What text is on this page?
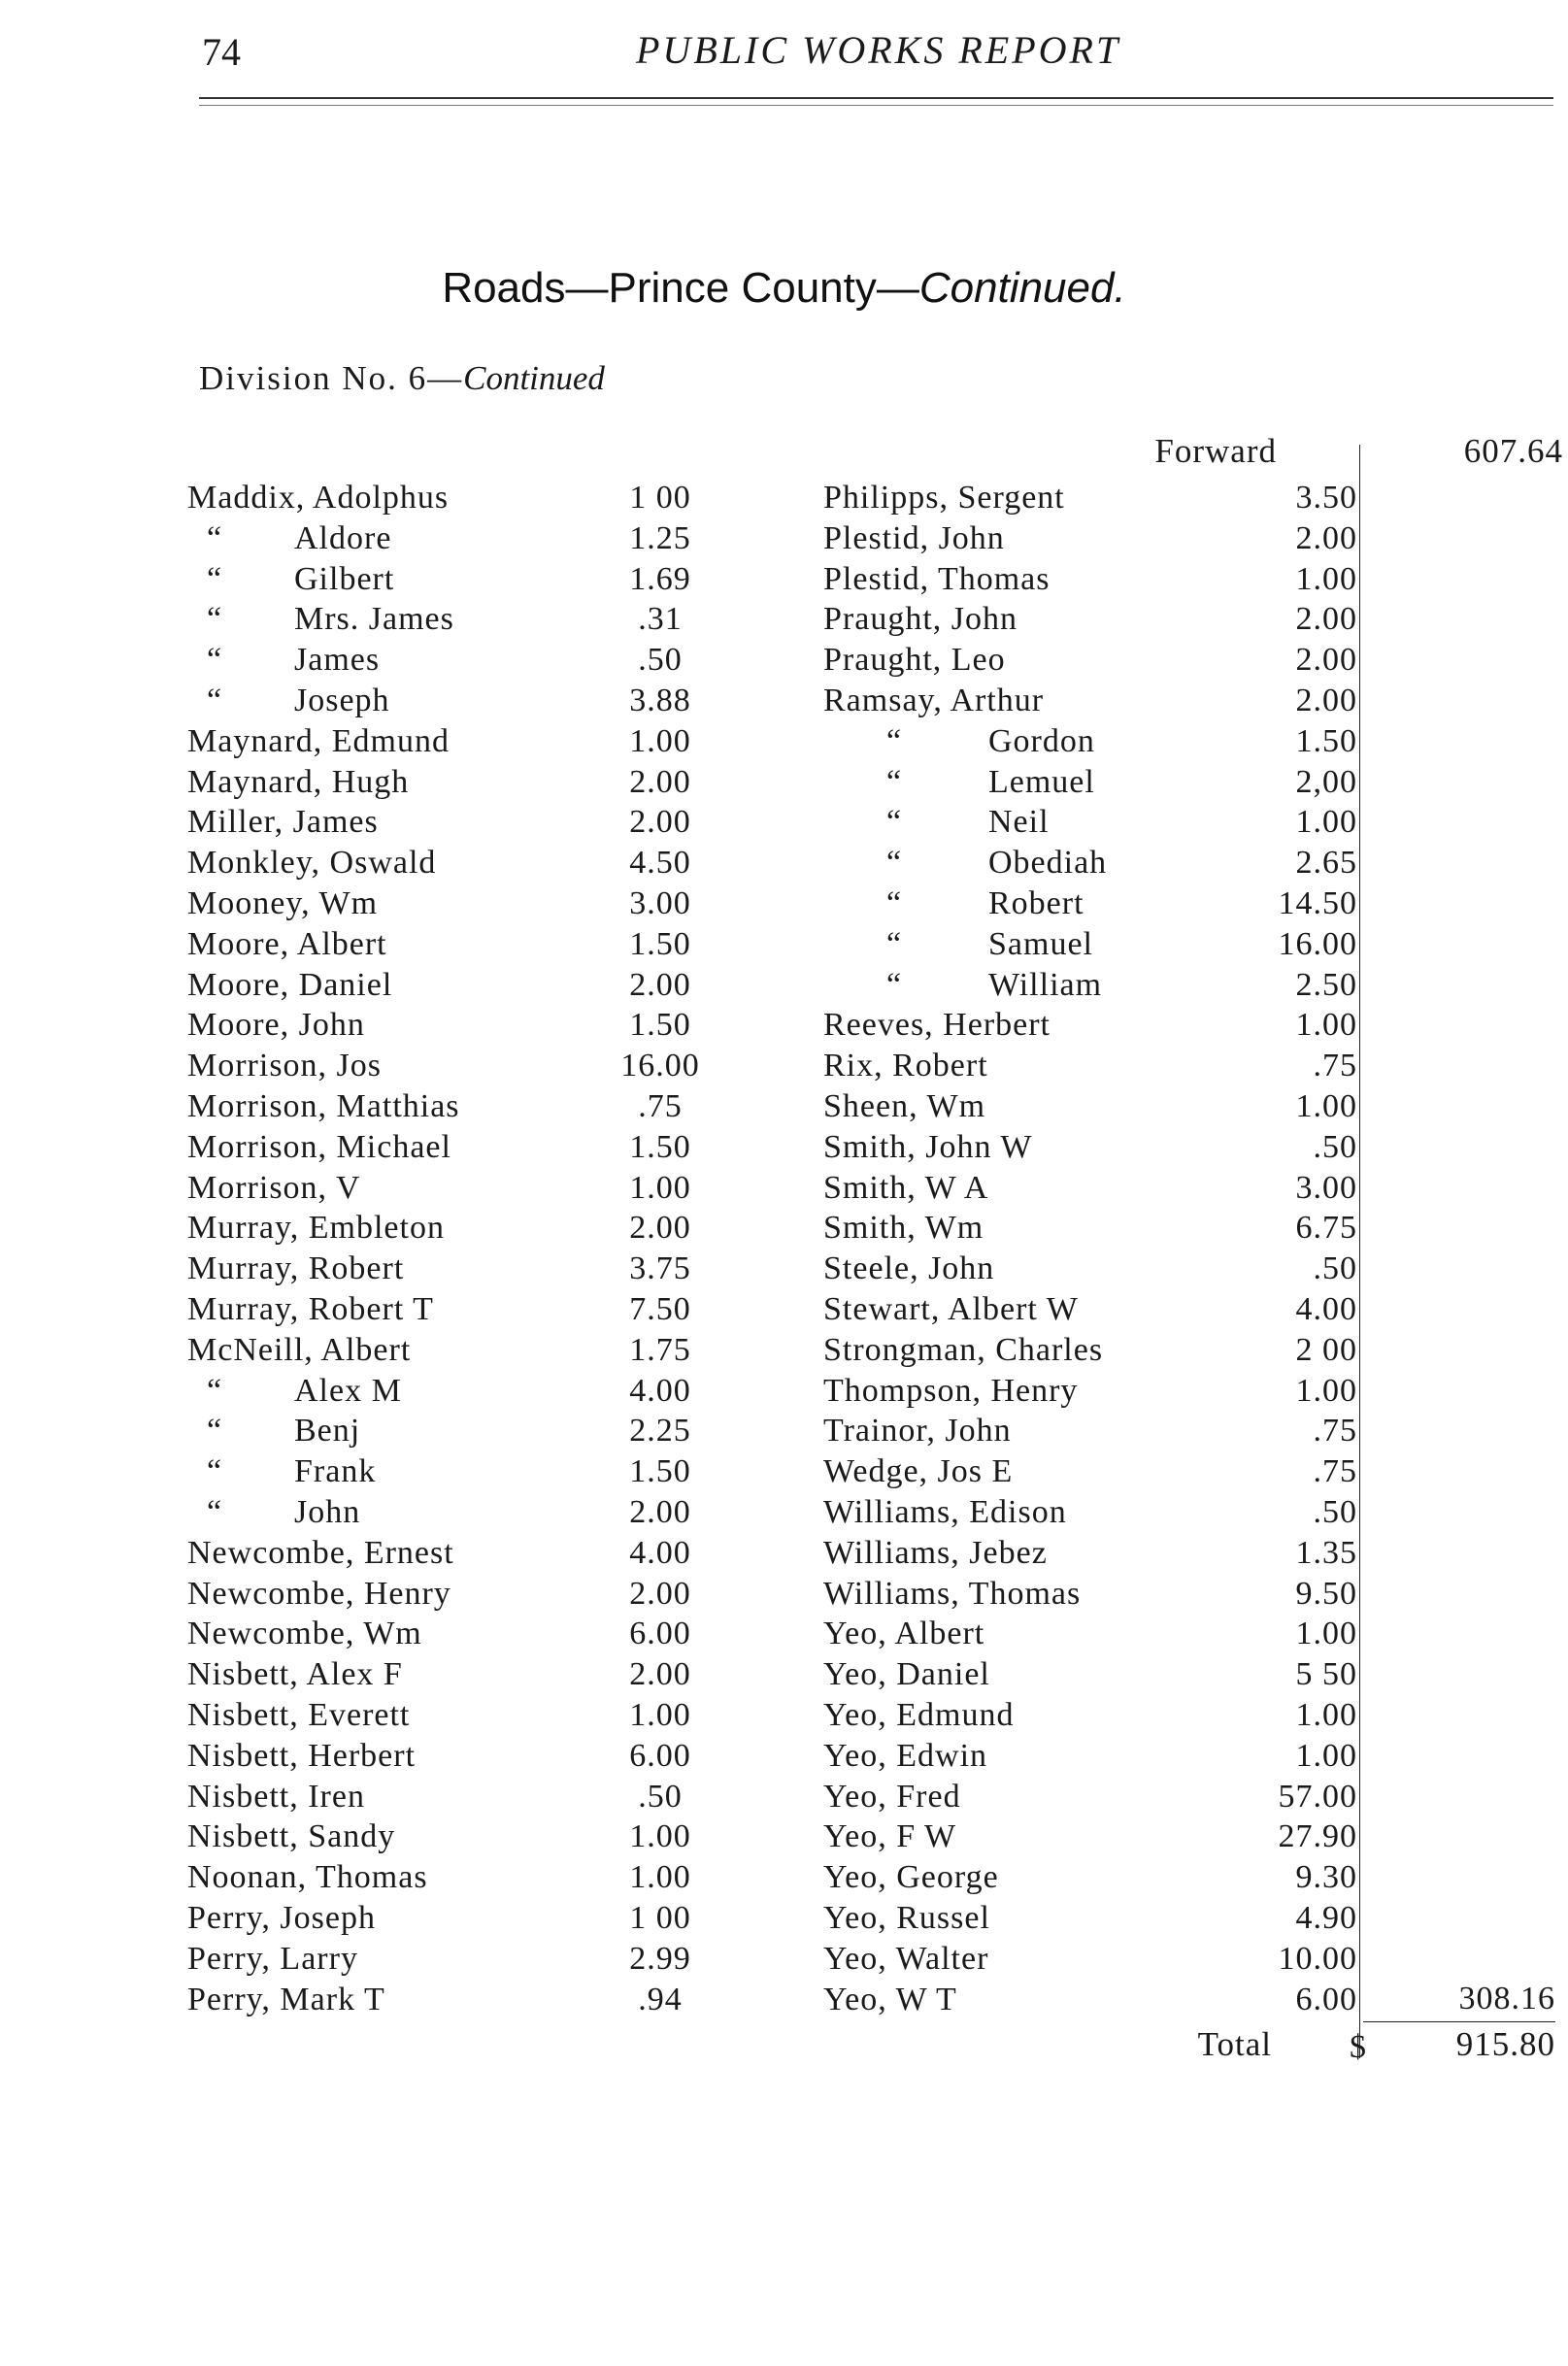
74	PUBLIC WORKS REPORT
Roads—Prince County—Continued.
Division No. 6—Continued
Forward	607.64
Maddix, Adolphus	1 00
“ Aldore	1.25
“ Gilbert	1.69
“ Mrs. James	.31
“ James	.50
“ Joseph	3.88
Maynard, Edmund	1.00
Maynard, Hugh	2.00
Miller, James	2.00
Monkley, Oswald	4.50
Mooney, Wm	3.00
Moore, Albert	1.50
Moore, Daniel	2.00
Moore, John	1.50
Morrison, Jos	16.00
Morrison, Matthias	.75
Morrison, Michael	1.50
Morrison, V	1.00
Murray, Embleton	2.00
Murray, Robert	3.75
Murray, Robert T	7.50
McNeill, Albert	1.75
“ Alex M	4.00
“ Benj	2.25
“ Frank	1.50
“ John	2.00
Newcombe, Ernest	4.00
Newcombe, Henry	2.00
Newcombe, Wm	6.00
Nisbett, Alex F	2.00
Nisbett, Everett	1.00
Nisbett, Herbert	6.00
Nisbett, Iren	.50
Nisbett, Sandy	1.00
Noonan, Thomas	1.00
Perry, Joseph	1 00
Perry, Larry	2.99
Perry, Mark T	.94
Philipps, Sergent	3.50
Plestid, John	2.00
Plestid, Thomas	1.00
Praught, John	2.00
Praught, Leo	2.00
Ramsay, Arthur	2.00
“	Gordon	1.50
“	Lemuel	2,00
“	Neil	1.00
“	Obediah	2.65
“	Robert	14.50
“	Samuel	16.00
“	William	2.50
Reeves, Herbert	1.00
Rix, Robert	.75
Sheen, Wm	1.00
Smith, John W	.50
Smith, W A	3.00
Smith, Wm	6.75
Steele, John	.50
Stewart, Albert W	4.00
Strongman, Charles	2 00
Thompson, Henry	1.00
Trainor, John	.75
Wedge, Jos E	.75
Williams, Edison	.50
Williams, Jebez	1.35
Williams, Thomas	9.50
Yeo, Albert	1.00
Yeo, Daniel	5 50
Yeo, Edmund	1.00
Yeo, Edwin	1.00
Yeo, Fred	57.00
Yeo, F W	27.90
Yeo, George	9.30
Yeo, Russel	4.90
Yeo, Walter	10.00
Yeo, W T	6.00	308.16
Total $	915.80
